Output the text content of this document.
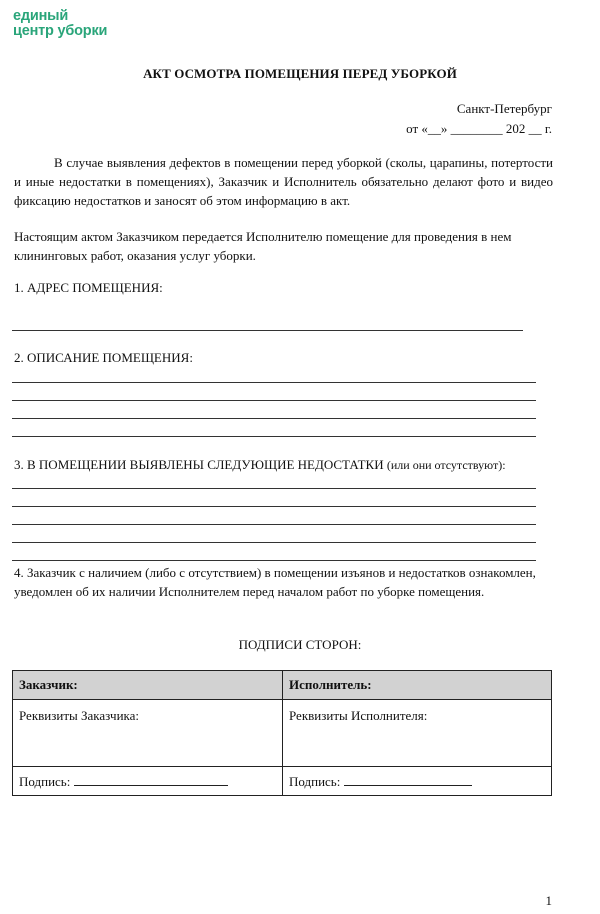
единый
центр уборки
АКТ ОСМОТРА ПОМЕЩЕНИЯ ПЕРЕД УБОРКОЙ
Санкт-Петербург
от «__» ________ 202 __ г.
В случае выявления дефектов в помещении перед уборкой (сколы, царапины, потертости и иные недостатки в помещениях), Заказчик и Исполнитель обязательно делают фото и видео фиксацию недостатков и заносят об этом информацию в акт.
Настоящим актом Заказчиком передается Исполнителю помещение для проведения в нем клининговых работ, оказания услуг уборки.
1. АДРЕС ПОМЕЩЕНИЯ:
2. ОПИСАНИЕ ПОМЕЩЕНИЯ:
3. В ПОМЕЩЕНИИ ВЫЯВЛЕНЫ СЛЕДУЮЩИЕ НЕДОСТАТКИ (или они отсутствуют):
4. Заказчик с наличием (либо с отсутствием) в помещении изъянов и недостатков ознакомлен, уведомлен об их наличии Исполнителем перед началом работ по уборке помещения.
ПОДПИСИ СТОРОН:
Заказчик:	Исполнитель:
Реквизиты Заказчика:	Реквизиты Исполнителя:
Подпись:	Подпись:
1
